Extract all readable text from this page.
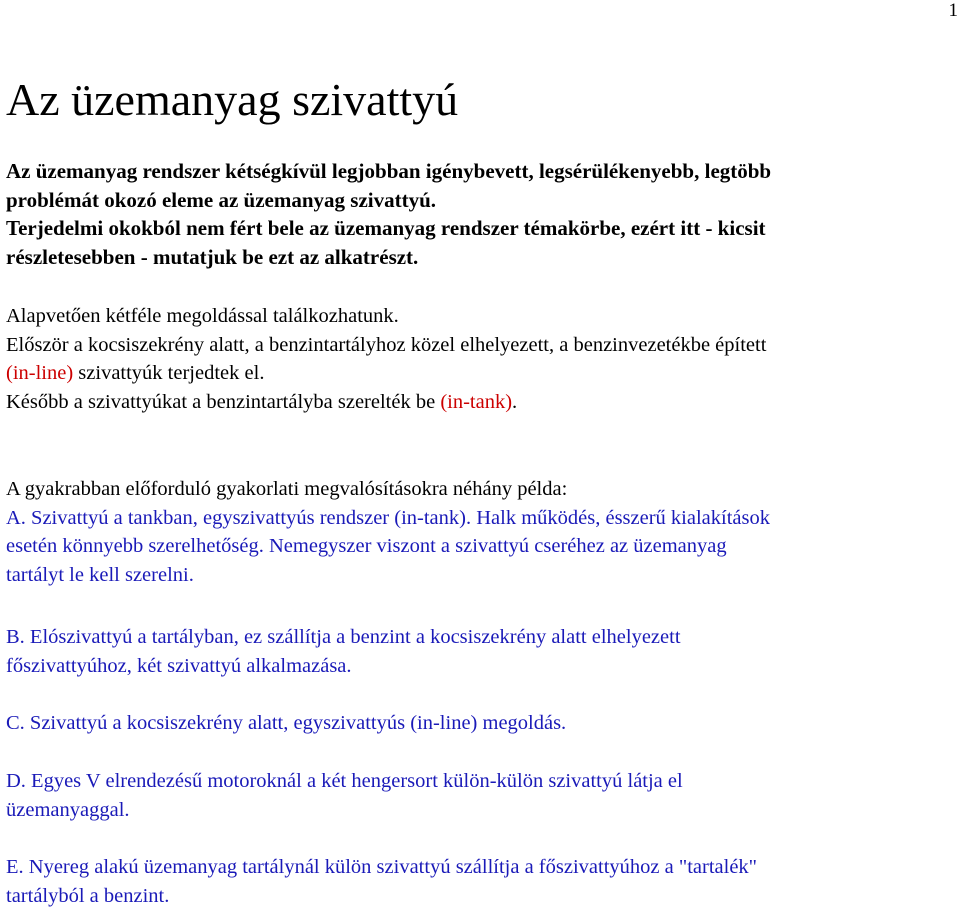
1
Az üzemanyag szivattyú

Az üzemanyag rendszer kétségkívül legjobban igénybevett, legsérülékenyebb, legtöbb
problémát okozó eleme az üzemanyag szivattyú.
Terjedelmi okokból nem fért bele az üzemanyag rendszer témakörbe, ezért itt - kicsit
részletesebben - mutatjuk be ezt az alkatrészt.

Alapvetően kétféle megoldással találkozhatunk.
Először a kocsiszekrény alatt, a benzintartályhoz közel elhelyezett, a benzinvezetékbe épített
(in-line) szivattyúk terjedtek el.
Később a szivattyúkat a benzintartályba szerelték be (in-tank).

A gyakrabban előforduló gyakorlati megvalósításokra néhány példa:
A. Szivattyú a tankban, egyszivattyús rendszer (in-tank). Halk működés, ésszerű kialakítások
esetén könnyebb szerelhetőség. Nemegyszer viszont a szivattyú cseréhez az üzemanyag
tartályt le kell szerelni.

B. Elószivattyú a tartályban, ez szállítja a benzint a kocsiszekrény alatt elhelyezett
főszivattyúhoz, két szivattyú alkalmazása.

C. Szivattyú a kocsiszekrény alatt, egyszivattyús (in-line) megoldás.

D. Egyes V elrendezésű motoroknál a két hengersort külön-külön szivattyú látja el
üzemanyaggal.

E. Nyereg alakú üzemanyag tartálynál külön szivattyú szállítja a főszivattyúhoz a "tartalék"
tartályból a benzint.
